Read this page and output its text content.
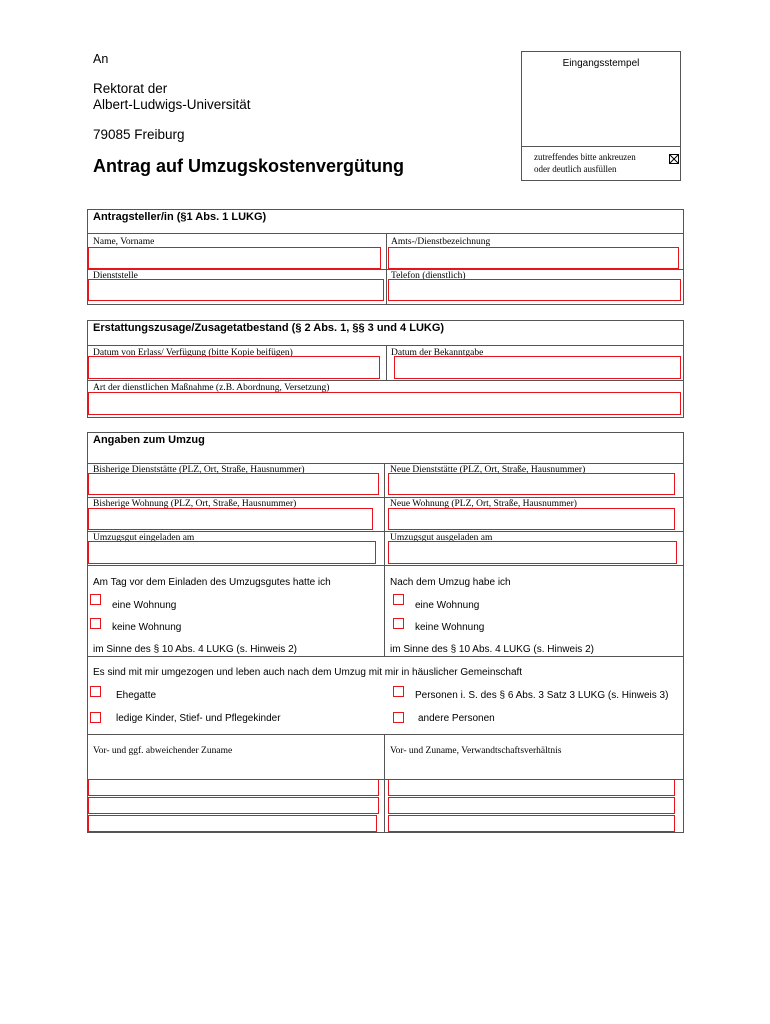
An
Rektorat der
Albert-Ludwigs-Universität
79085 Freiburg
Antrag auf Umzugskostenvergütung
Eingangsstempel
zutreffendes bitte ankreuzen
oder deutlich ausfüllen
Antragsteller/in (§1 Abs. 1 LUKG)
Name, Vorname	Amts-/Dienstbezeichnung
Dienststelle	Telefon (dienstlich)
Erstattungszusage/Zusagetatbestand (§ 2 Abs. 1, §§ 3 und 4 LUKG)
Datum von Erlass/ Verfügung (bitte Kopie beifügen)	Datum der Bekanntgabe
Art der dienstlichen Maßnahme (z.B. Abordnung, Versetzung)
Angaben zum Umzug
Bisherige Dienststätte (PLZ, Ort, Straße, Hausnummer)	Neue Dienststätte (PLZ, Ort, Straße, Hausnummer)
Bisherige Wohnung (PLZ, Ort, Straße, Hausnummer)	Neue Wohnung (PLZ, Ort, Straße, Hausnummer)
Umzugsgut eingeladen am	Umzugsgut ausgeladen am
Am Tag vor dem Einladen des Umzugsgutes hatte ich	Nach dem Umzug habe ich
eine Wohnung	eine Wohnung
keine Wohnung	keine Wohnung
im Sinne des § 10 Abs. 4 LUKG (s. Hinweis 2)	im Sinne des § 10 Abs. 4 LUKG (s. Hinweis 2)
Es sind mit mir umgezogen und leben auch nach dem Umzug mit mir in häuslicher Gemeinschaft
Ehegatte	Personen i. S. des § 6 Abs. 3 Satz 3 LUKG (s. Hinweis 3)
ledige Kinder, Stief- und Pflegekinder	andere Personen
Vor- und ggf. abweichender Zuname	Vor- und Zuname, Verwandtschaftsverhältnis
